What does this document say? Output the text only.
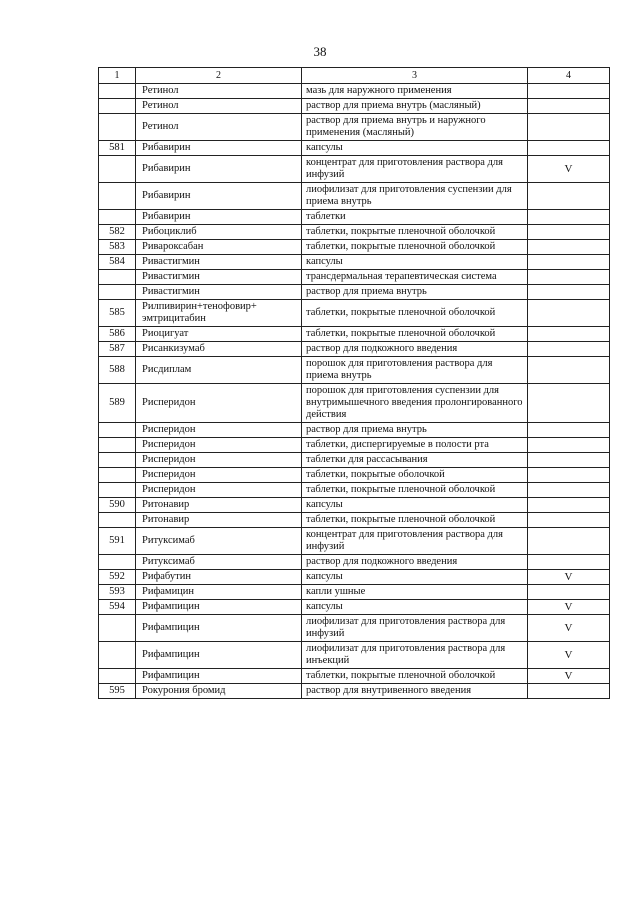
38
1	2	3	4
	Ретинол	мазь для наружного применения	
	Ретинол	раствор для приема внутрь (масляный)	
	Ретинол	раствор для приема внутрь и наружного применения (масляный)	
581	Рибавирин	капсулы	
	Рибавирин	концентрат для приготовления раствора для инфузий	V
	Рибавирин	лиофилизат для приготовления суспензии для приема внутрь	
	Рибавирин	таблетки	
582	Рибоциклиб	таблетки, покрытые пленочной оболочкой	
583	Ривароксабан	таблетки, покрытые пленочной оболочкой	
584	Ривастигмин	капсулы	
	Ривастигмин	трансдермальная терапевтическая система	
	Ривастигмин	раствор для приема внутрь	
585	Рилпивирин+тенофовир+ эмтрицитабин	таблетки, покрытые пленочной оболочкой	
586	Риоцигуат	таблетки, покрытые пленочной оболочкой	
587	Рисанкизумаб	раствор для подкожного введения	
588	Рисдиплам	порошок для приготовления раствора для приема внутрь	
589	Рисперидон	порошок для приготовления суспензии для внутримышечного введения пролонгированного действия	
	Рисперидон	раствор для приема внутрь	
	Рисперидон	таблетки, диспергируемые в полости рта	
	Рисперидон	таблетки для рассасывания	
	Рисперидон	таблетки, покрытые оболочкой	
	Рисперидон	таблетки, покрытые пленочной оболочкой	
590	Ритонавир	капсулы	
	Ритонавир	таблетки, покрытые пленочной оболочкой	
591	Ритуксимаб	концентрат для приготовления раствора для инфузий	
	Ритуксимаб	раствор для подкожного введения	
592	Рифабутин	капсулы	V
593	Рифамицин	капли ушные	
594	Рифампицин	капсулы	V
	Рифампицин	лиофилизат для приготовления раствора для инфузий	V
	Рифампицин	лиофилизат для приготовления раствора для инъекций	V
	Рифампицин	таблетки, покрытые пленочной оболочкой	V
595	Рокурония бромид	раствор для внутривенного введения	
